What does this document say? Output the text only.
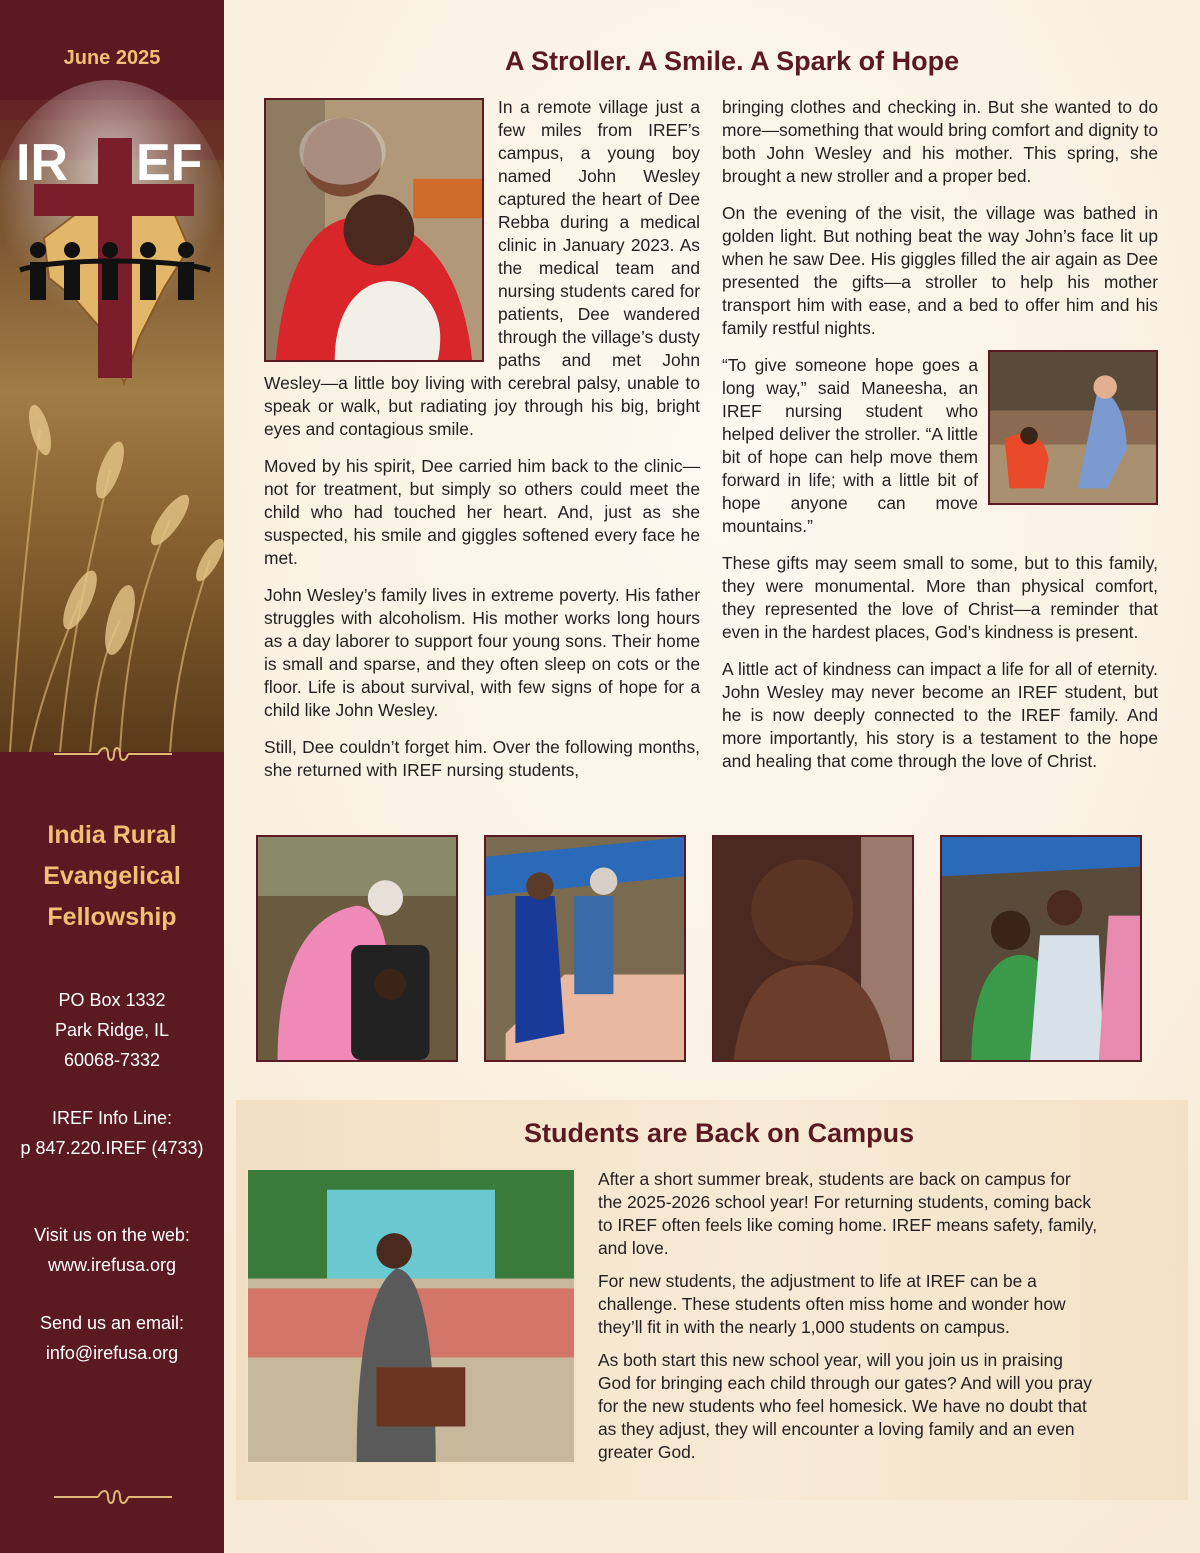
June 2025
IR EF
India Rural
Evangelical
Fellowship
PO Box 1332
Park Ridge, IL
60068-7332
IREF Info Line:
p 847.220.IREF (4733)
Visit us on the web:
www.irefusa.org
Send us an email:
info@irefusa.org
A Stroller. A Smile. A Spark of Hope

In a remote village just a few miles from IREF’s campus, a young boy named John Wesley captured the heart of Dee Rebba during a medical clinic in January 2023. As the medical team and nursing students cared for patients, Dee wandered through the village’s dusty paths and met John Wesley—a little boy living with cerebral palsy, unable to speak or walk, but radiating joy through his big, bright eyes and contagious smile.

Moved by his spirit, Dee carried him back to the clinic—not for treatment, but simply so others could meet the child who had touched her heart. And, just as she suspected, his smile and giggles softened every face he met.

John Wesley’s family lives in extreme poverty. His father struggles with alcoholism. His mother works long hours as a day laborer to support four young sons. Their home is small and sparse, and they often sleep on cots or the floor. Life is about survival, with few signs of hope for a child like John Wesley.

Still, Dee couldn’t forget him. Over the following months, she returned with IREF nursing students,

bringing clothes and checking in. But she wanted to do more—something that would bring comfort and dignity to both John Wesley and his mother. This spring, she brought a new stroller and a proper bed.

On the evening of the visit, the village was bathed in golden light. But nothing beat the way John’s face lit up when he saw Dee. His giggles filled the air again as Dee presented the gifts—a stroller to help his mother transport him with ease, and a bed to offer him and his family restful nights.

“To give someone hope goes a long way,” said Maneesha, an IREF nursing student who helped deliver the stroller. “A little bit of hope can help move them forward in life; with a little bit of hope anyone can move mountains.”

These gifts may seem small to some, but to this family, they were monumental. More than physical comfort, they represented the love of Christ—a reminder that even in the hardest places, God’s kindness is present.

A little act of kindness can impact a life for all of eternity. John Wesley may never become an IREF student, but he is now deeply connected to the IREF family. And more importantly, his story is a testament to the hope and healing that come through the love of Christ.

Students are Back on Campus

After a short summer break, students are back on campus for the 2025-2026 school year! For returning students, coming back to IREF often feels like coming home. IREF means safety, family, and love.

For new students, the adjustment to life at IREF can be a challenge. These students often miss home and wonder how they’ll fit in with the nearly 1,000 students on campus.

As both start this new school year, will you join us in praising God for bringing each child through our gates? And will you pray for the new students who feel homesick. We have no doubt that as they adjust, they will encounter a loving family and an even greater God.
